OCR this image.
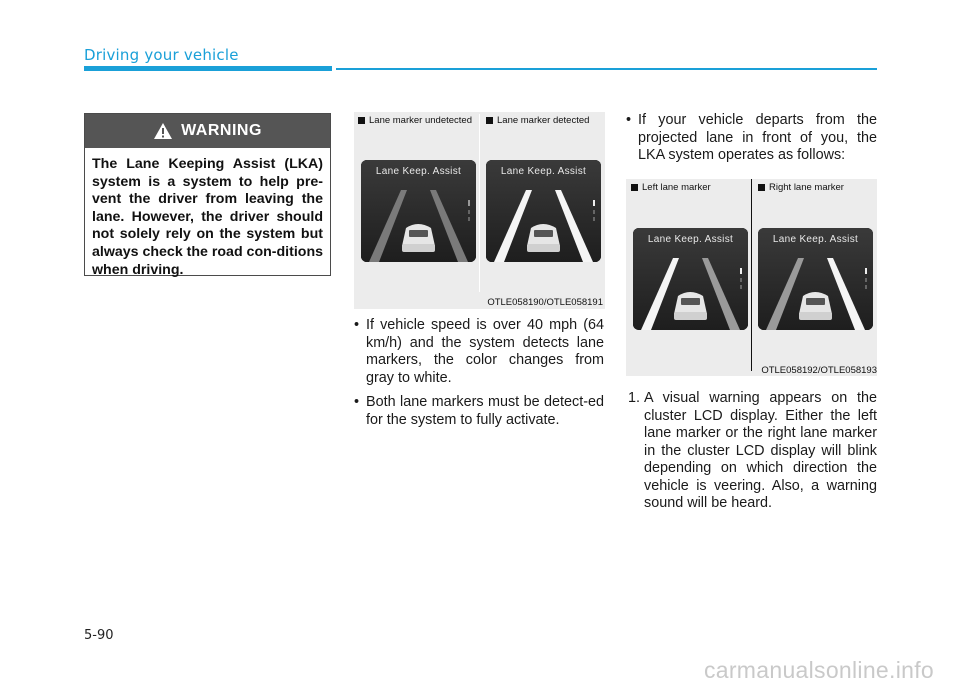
Driving your vehicle
WARNING
The Lane Keeping Assist (LKA) system is a system to help pre-vent the driver from leaving the lane. However, the driver should not solely rely on the system but always check the road con-ditions when driving.
Lane marker undetected	Lane marker detected
Lane Keep. Assist	Lane Keep. Assist
OTLE058190/OTLE058191
• If vehicle speed is over 40 mph (64 km/h) and the system detects lane markers, the color changes from gray to white.
• Both lane markers must be detect-ed for the system to fully activate.
• If your vehicle departs from the projected lane in front of you, the LKA system operates as follows:
Left lane marker	Right lane marker
Lane Keep. Assist	Lane Keep. Assist
OTLE058192/OTLE058193
1. A visual warning appears on the cluster LCD display. Either the left lane marker or the right lane marker in the cluster LCD display will blink depending on which direction the vehicle is veering. Also, a warning sound will be heard.
5-90
carmanualsonline.info
